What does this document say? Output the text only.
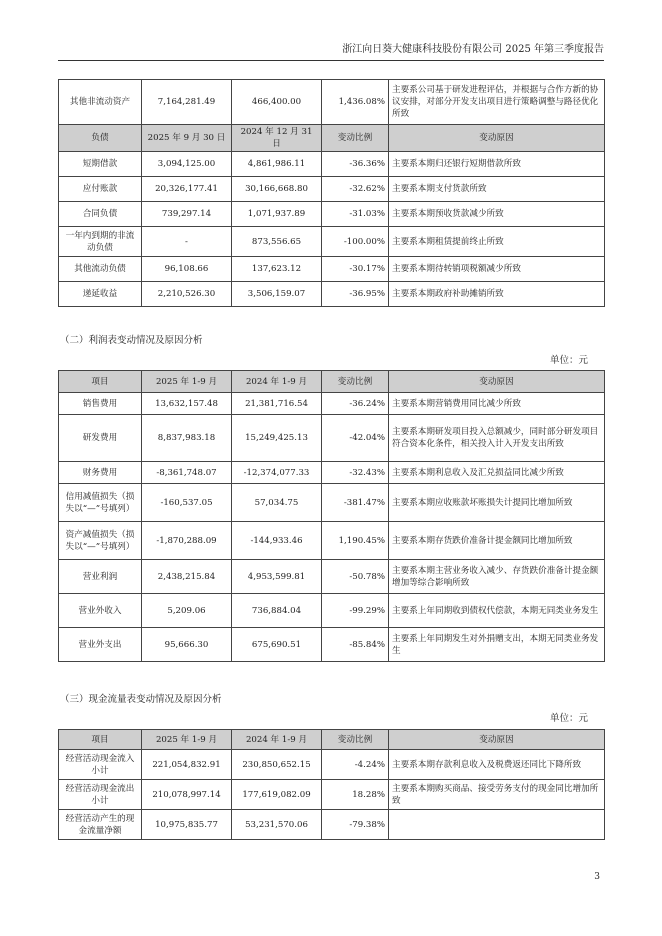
浙江向日葵大健康科技股份有限公司 2025 年第三季度报告
其他非流动资产	7,164,281.49	466,400.00	1,436.08%	主要系公司基于研发进程评估，并根据与合作方新的协议安排，对部分开发支出项目进行策略调整与路径优化所致
负债	2025 年 9 月 30 日	2024 年 12 月 31 日	变动比例	变动原因
短期借款	3,094,125.00	4,861,986.11	-36.36%	主要系本期归还银行短期借款所致
应付账款	20,326,177.41	30,166,668.80	-32.62%	主要系本期支付货款所致
合同负债	739,297.14	1,071,937.89	-31.03%	主要系本期预收货款减少所致
一年内到期的非流动负债	-	873,556.65	-100.00%	主要系本期租赁提前终止所致
其他流动负债	96,108.66	137,623.12	-30.17%	主要系本期待转销项税额减少所致
递延收益	2,210,526.30	3,506,159.07	-36.95%	主要系本期政府补助摊销所致
（二）利润表变动情况及原因分析
单位：元
项目	2025 年 1-9 月	2024 年 1-9 月	变动比例	变动原因
销售费用	13,632,157.48	21,381,716.54	-36.24%	主要系本期营销费用同比减少所致
研发费用	8,837,983.18	15,249,425.13	-42.04%	主要系本期研发项目投入总额减少，同时部分研发项目符合资本化条件，相关投入计入开发支出所致
财务费用	-8,361,748.07	-12,374,077.33	-32.43%	主要系本期利息收入及汇兑损益同比减少所致
信用减值损失（损失以“—”号填列）	-160,537.05	57,034.75	-381.47%	主要系本期应收账款坏账损失计提同比增加所致
资产减值损失（损失以“—”号填列）	-1,870,288.09	-144,933.46	1,190.45%	主要系本期存货跌价准备计提金额同比增加所致
营业利润	2,438,215.84	4,953,599.81	-50.78%	主要系本期主营业务收入减少、存货跌价准备计提金额增加等综合影响所致
营业外收入	5,209.06	736,884.04	-99.29%	主要系上年同期收到债权代偿款，本期无同类业务发生
营业外支出	95,666.30	675,690.51	-85.84%	主要系上年同期发生对外捐赠支出，本期无同类业务发生
（三）现金流量表变动情况及原因分析
单位：元
项目	2025 年 1-9 月	2024 年 1-9 月	变动比例	变动原因
经营活动现金流入小计	221,054,832.91	230,850,652.15	-4.24%	主要系本期存款利息收入及税费返还同比下降所致
经营活动现金流出小计	210,078,997.14	177,619,082.09	18.28%	主要系本期购买商品、接受劳务支付的现金同比增加所致
经营活动产生的现金流量净额	10,975,835.77	53,231,570.06	-79.38%	
3
